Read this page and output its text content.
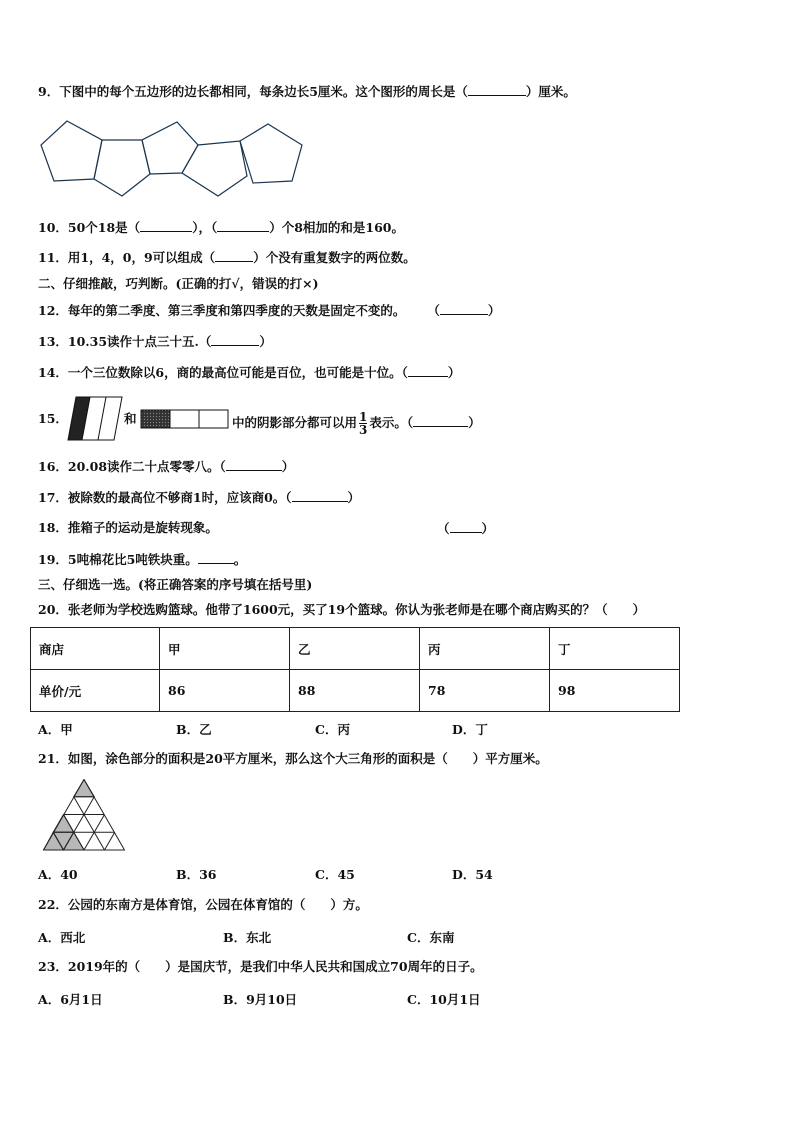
9．下图中的每个五边形的边长都相同，每条边长5厘米。这个图形的周长是（	）厘米。
10．50个18是（	），（	）个8相加的和是160。
11．用1，4，0，9可以组成（	）个没有重复数字的两位数。
二、仔细推敲，巧判断。(正确的打√，错误的打×)
12．每年的第二季度、第三季度和第四季度的天数是固定不变的。 （	）
13．10.35读作十点三十五.（	）
14．一个三位数除以6，商的最高位可能是百位，也可能是十位。（	）
15．	和	中的阴影部分都可以用 $\frac{1}{3}$ 表示。（	）
16．20.08读作二十点零零八。（	）
17．被除数的最高位不够商1时，应该商0。（	）
18．推箱子的运动是旋转现象。	（	）
19．5吨棉花比5吨铁块重。	。
三、仔细选一选。(将正确答案的序号填在括号里)
20．张老师为学校选购篮球。他带了1600元，买了19个篮球。你认为张老师是在哪个商店购买的？（　　）
商店	甲	乙	丙	丁
单价/元	86	88	78	98
A．甲	B．乙	C．丙	D．丁
21．如图，涂色部分的面积是20平方厘米，那么这个大三角形的面积是（　　）平方厘米。
A．40	B．36	C．45	D．54
22．公园的东南方是体育馆，公园在体育馆的（　　）方。
A．西北	B．东北	C．东南
23．2019年的（　　）是国庆节，是我们中华人民共和国成立70周年的日子。
A．6月1日	B．9月10日	C．10月1日
